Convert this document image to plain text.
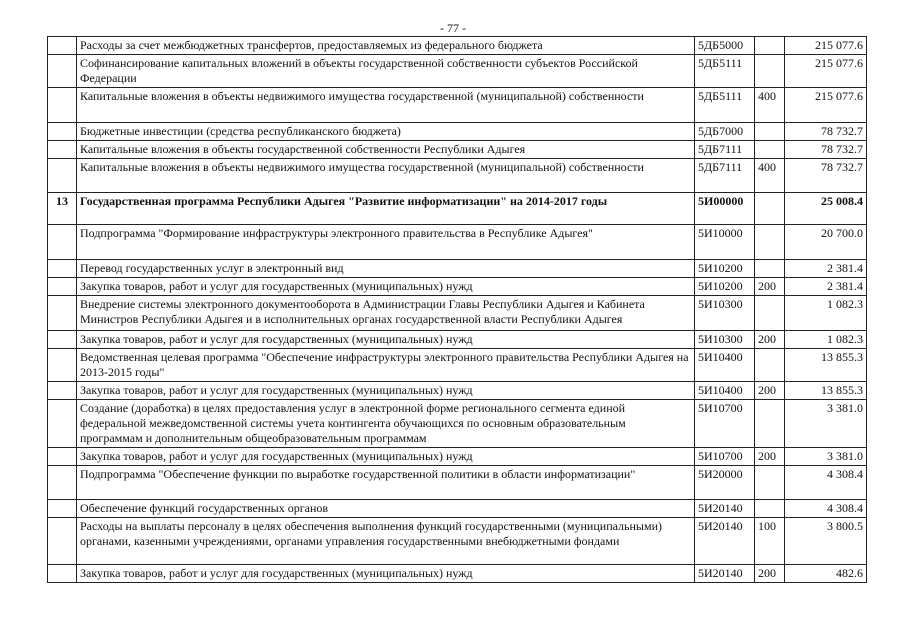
- 77 -
	Расходы за счет межбюджетных трансфертов, предоставляемых из федерального бюджета	5ДБ5000		215 077.6
	Софинансирование капитальных вложений в объекты государственной собственности субъектов Российской Федерации	5ДБ5111		215 077.6
	Капитальные вложения в объекты недвижимого имущества государственной (муниципальной) собственности	5ДБ5111	400	215 077.6
	Бюджетные инвестиции (средства республиканского бюджета)	5ДБ7000		78 732.7
	Капитальные вложения в объекты государственной собственности Республики Адыгея	5ДБ7111		78 732.7
	Капитальные вложения в объекты недвижимого имущества государственной (муниципальной) собственности	5ДБ7111	400	78 732.7
13	Государственная программа Республики Адыгея "Развитие информатизации" на 2014-2017 годы	5И00000		25 008.4
	Подпрограмма "Формирование инфраструктуры электронного правительства в Республике Адыгея"	5И10000		20 700.0
	Перевод государственных услуг в электронный вид	5И10200		2 381.4
	Закупка товаров, работ и услуг для государственных (муниципальных) нужд	5И10200	200	2 381.4
	Внедрение системы электронного документооборота в Администрации Главы Республики Адыгея и Кабинета Министров Республики Адыгея и в исполнительных органах государственной власти Республики Адыгея	5И10300		1 082.3
	Закупка товаров, работ и услуг для государственных (муниципальных) нужд	5И10300	200	1 082.3
	Ведомственная целевая программа "Обеспечение инфраструктуры электронного правительства Республики Адыгея на 2013-2015 годы"	5И10400		13 855.3
	Закупка товаров, работ и услуг для государственных (муниципальных) нужд	5И10400	200	13 855.3
	Создание (доработка) в целях предоставления услуг в электронной форме регионального сегмента единой федеральной межведомственной системы учета контингента обучающихся по основным образовательным программам и дополнительным общеобразовательным программам	5И10700		3 381.0
	Закупка товаров, работ и услуг для государственных (муниципальных) нужд	5И10700	200	3 381.0
	Подпрограмма "Обеспечение функции по выработке государственной политики в области информатизации"	5И20000		4 308.4
	Обеспечение функций государственных органов	5И20140		4 308.4
	Расходы на выплаты персоналу в целях обеспечения выполнения функций государственными (муниципальными) органами, казенными учреждениями, органами управления государственными внебюджетными фондами	5И20140	100	3 800.5
	Закупка товаров, работ и услуг для государственных (муниципальных) нужд	5И20140	200	482.6
